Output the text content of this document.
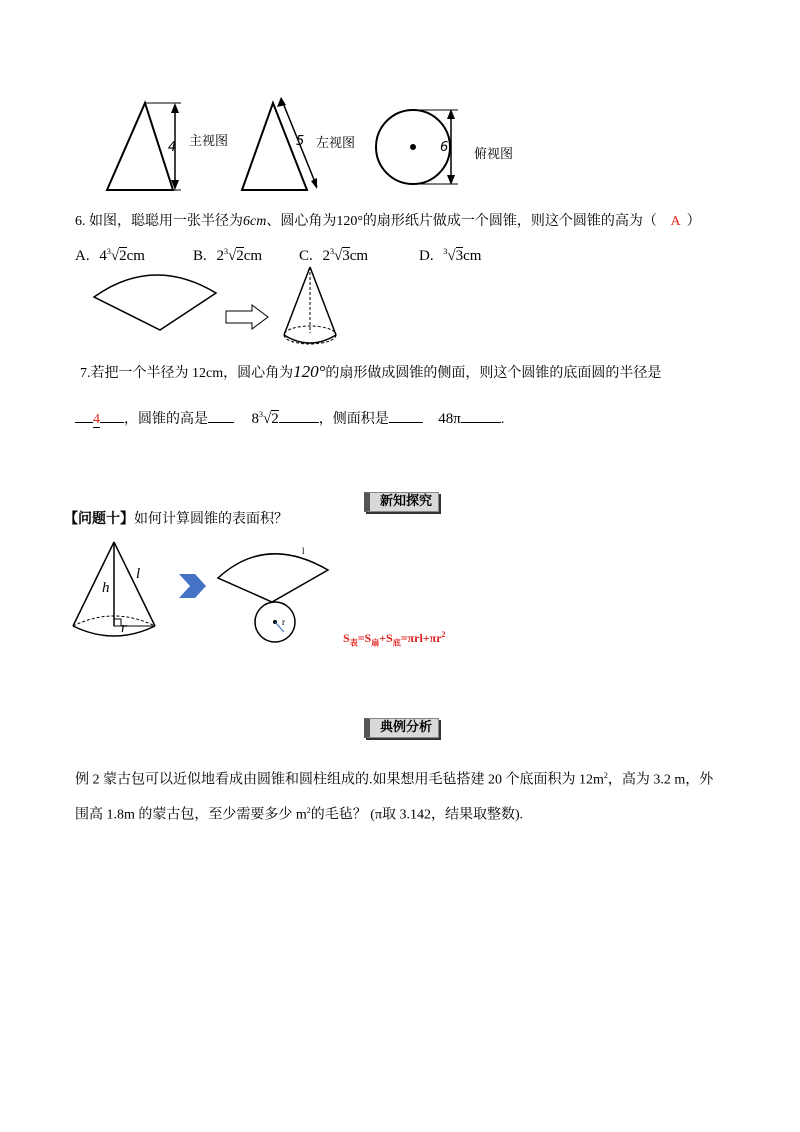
主视图
4	左视图
5
俯视图
6
6. 如图，聪聪用一张半径为6cm、圆心角为120°的扇形纸片做成一个圆锥，则这个圆锥的高为（ A ）
A. $4^3√2cm$	B. $2^3√2cm$ C. $2^3√3cm$	D. $^3$√3cm
7.若把一个半径为 12cm，圆心角为120°的扇形做成圆锥的侧面，则这个圆锥的底面圆的半径是
4 ，圆锥的高是	$8^3√2$	，侧面积是	48π	.
新知探究
【问题十】如何计算圆锥的表面积？
h
l
r
l
r
$S_表=S_扇+S_底=\pi rl+\pi r^2$
典例分析
例 2 蒙古包可以近似地看成由圆锥和圆柱组成的.如果想用毛毡搭建 20 个底面积为 $12m^2$，高为 3.2 m，外
围高 1.8m 的蒙古包，至少需要多少 $m^2$的毛毡？ (π取 3.142，结果取整数).
